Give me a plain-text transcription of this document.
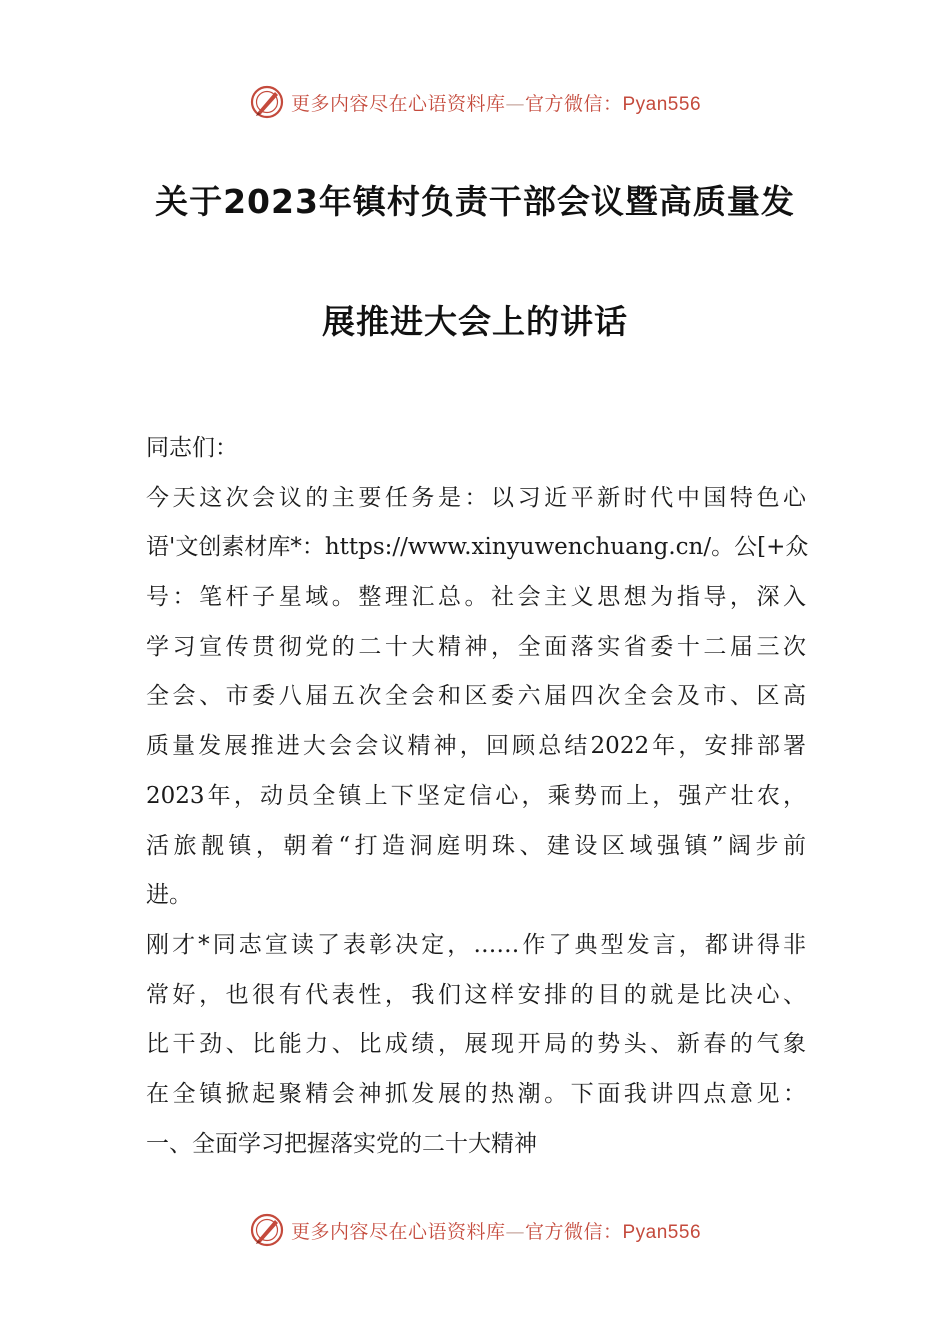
更多内容尽在心语资料库—官方微信：Pyan556
关于2023年镇村负责干部会议暨高质量发
展推进大会上的讲话
同志们：
今天这次会议的主要任务是：以习近平新时代中国特色心
语'文创素材库*：https://www.xinyuwenchuang.cn/。公[+众
号：笔杆子星域。整理汇总。社会主义思想为指导，深入
学习宣传贯彻党的二十大精神，全面落实省委十二届三次
全会、市委八届五次全会和区委六届四次全会及市、区高
质量发展推进大会会议精神，回顾总结2022年，安排部署
2023年，动员全镇上下坚定信心，乘势而上，强产壮农，
活旅靓镇，朝着“打造洞庭明珠、建设区域强镇”阔步前
进。
刚才*同志宣读了表彰决定，……作了典型发言，都讲得非
常好，也很有代表性，我们这样安排的目的就是比决心、
比干劲、比能力、比成绩，展现开局的势头、新春的气象
在全镇掀起聚精会神抓发展的热潮。下面我讲四点意见：
一、全面学习把握落实党的二十大精神
更多内容尽在心语资料库—官方微信：Pyan556
